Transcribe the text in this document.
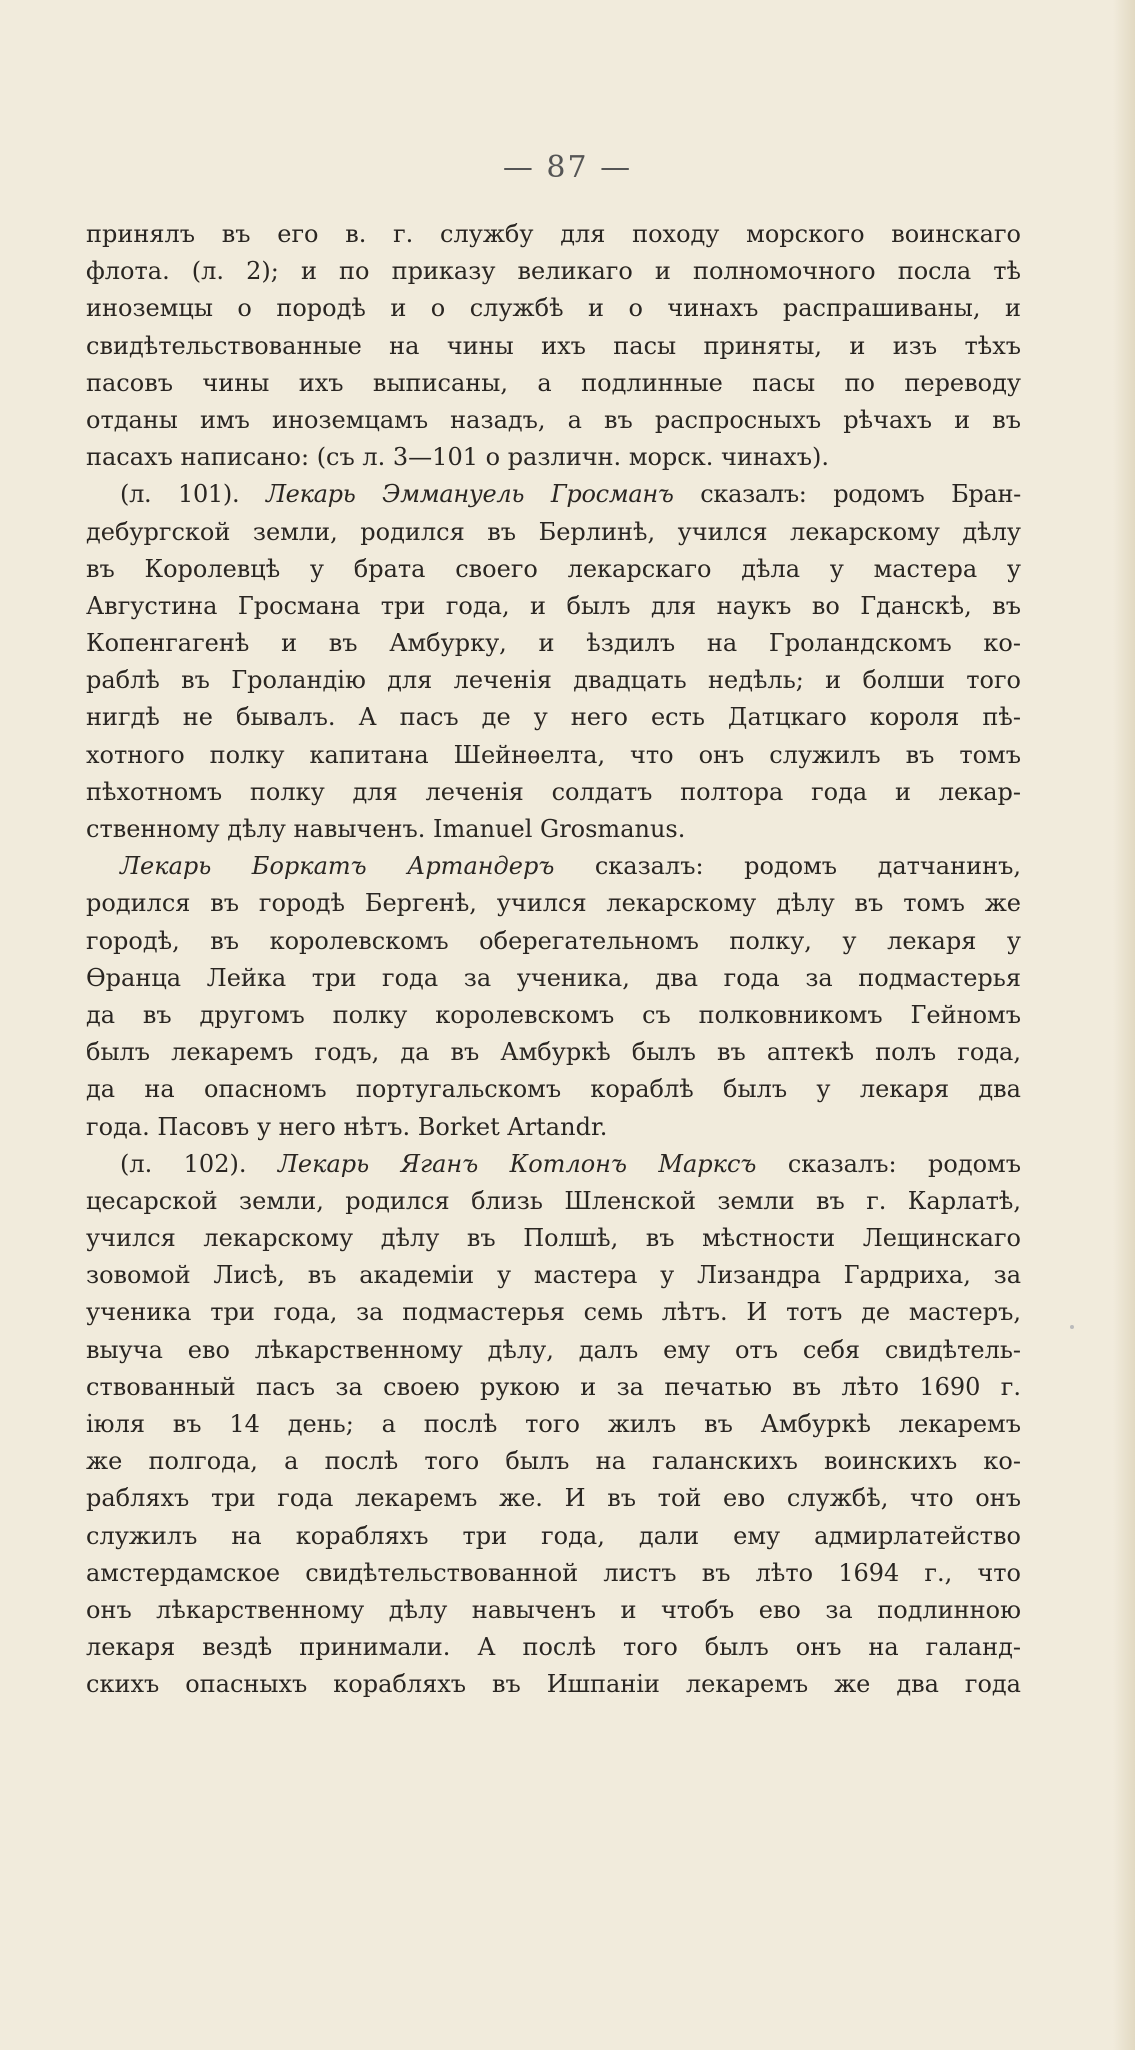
— 87 —
принялъ въ его в. г. службу для походу морского воинскаго
флота. (л. 2); и по приказу великаго и полномочного посла тѣ
иноземцы о породѣ и о службѣ и о чинахъ распрашиваны, и
свидѣтельствованные на чины ихъ пасы приняты, и изъ тѣхъ
пасовъ чины ихъ выписаны, а подлинные пасы по переводу
отданы имъ иноземцамъ назадъ, а въ распросныхъ рѣчахъ и въ
пасахъ написано: (съ л. 3—101 о различн. морск. чинахъ).
(л. 101). Лекарь Эммануель Гросманъ сказалъ: родомъ Бран-
дебургской земли, родился въ Берлинѣ, учился лекарскому дѣлу
въ Королевцѣ у брата своего лекарскаго дѣла у мастера у
Августина Гросмана три года, и былъ для наукъ во Гданскѣ, въ
Копенгагенѣ и въ Амбурку, и ѣздилъ на Гроландскомъ ко-
раблѣ въ Гроландію для леченія двадцать недѣль; и болши того
нигдѣ не бывалъ. А пасъ де у него есть Датцкаго короля пѣ-
хотного полку капитана Шейнѳелта, что онъ служилъ въ томъ
пѣхотномъ полку для леченія солдатъ полтора года и лекар-
ственному дѣлу навыченъ. Imanuel Grosmanus.
Лекарь Боркатъ Артандеръ сказалъ: родомъ датчанинъ,
родился въ городѣ Бергенѣ, учился лекарскому дѣлу въ томъ же
городѣ, въ королевскомъ оберегательномъ полку, у лекаря у
Ѳранца Лейка три года за ученика, два года за подмастерья
да въ другомъ полку королевскомъ съ полковникомъ Гейномъ
былъ лекаремъ годъ, да въ Амбуркѣ былъ въ аптекѣ полъ года,
да на опасномъ португальскомъ кораблѣ былъ у лекаря два
года. Пасовъ у него нѣтъ. Borket Artandr.
(л. 102). Лекарь Яганъ Котлонъ Марксъ сказалъ: родомъ
цесарской земли, родился близь Шленской земли въ г. Карлатѣ,
учился лекарскому дѣлу въ Полшѣ, въ мѣстности Лещинскаго
зовомой Лисѣ, въ академіи у мастера у Лизандра Гардриха, за
ученика три года, за подмастерья семь лѣтъ. И тотъ де мастеръ,
выуча ево лѣкарственному дѣлу, далъ ему отъ себя свидѣтель-
ствованный пасъ за своею рукою и за печатью въ лѣто 1690 г.
іюля въ 14 день; а послѣ того жилъ въ Амбуркѣ лекаремъ
же полгода, а послѣ того былъ на галанскихъ воинскихъ ко-
рабляхъ три года лекаремъ же. И въ той ево службѣ, что онъ
служилъ на корабляхъ три года, дали ему адмирлатейство
амстердамское свидѣтельствованной листъ въ лѣто 1694 г., что
онъ лѣкарственному дѣлу навыченъ и чтобъ ево за подлинною
лекаря вездѣ принимали. А послѣ того былъ онъ на галанд-
скихъ опасныхъ корабляхъ въ Ишпаніи лекаремъ же два года
